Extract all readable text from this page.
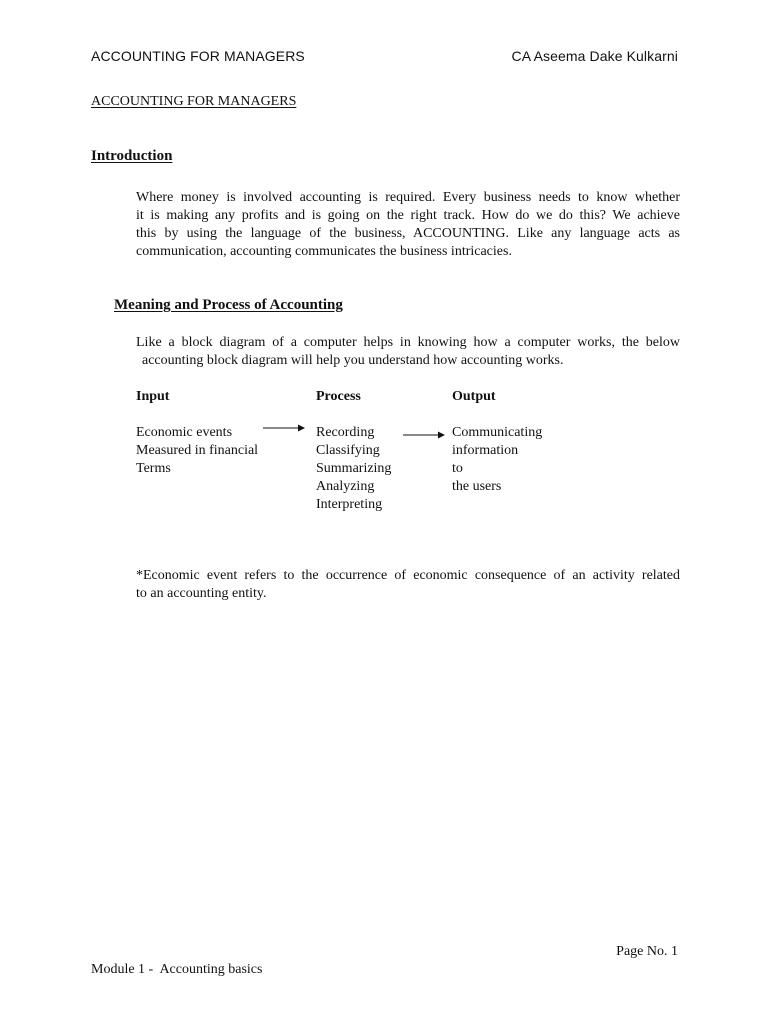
ACCOUNTING FOR MANAGERS	CA Aseema Dake Kulkarni
ACCOUNTING FOR MANAGERS
Introduction
Where money is involved accounting is required. Every business needs to know whether
it is making any profits and is going on the right track. How do we do this? We achieve
this by using the language of the business, ACCOUNTING. Like any language acts as
communication, accounting communicates the business intricacies.
Meaning and Process of Accounting
Like a block diagram of a computer helps in knowing how a computer works, the below
accounting block diagram will help you understand how accounting works.
Input
Economic events
Measured in financial
Terms
Process
Recording
Classifying
Summarizing
Analyzing
Interpreting
Output
Communicating
information
to
the users
*Economic event refers to the occurrence of economic consequence of an activity related
to an accounting entity.
Page No. 1
Module 1 -  Accounting basics
